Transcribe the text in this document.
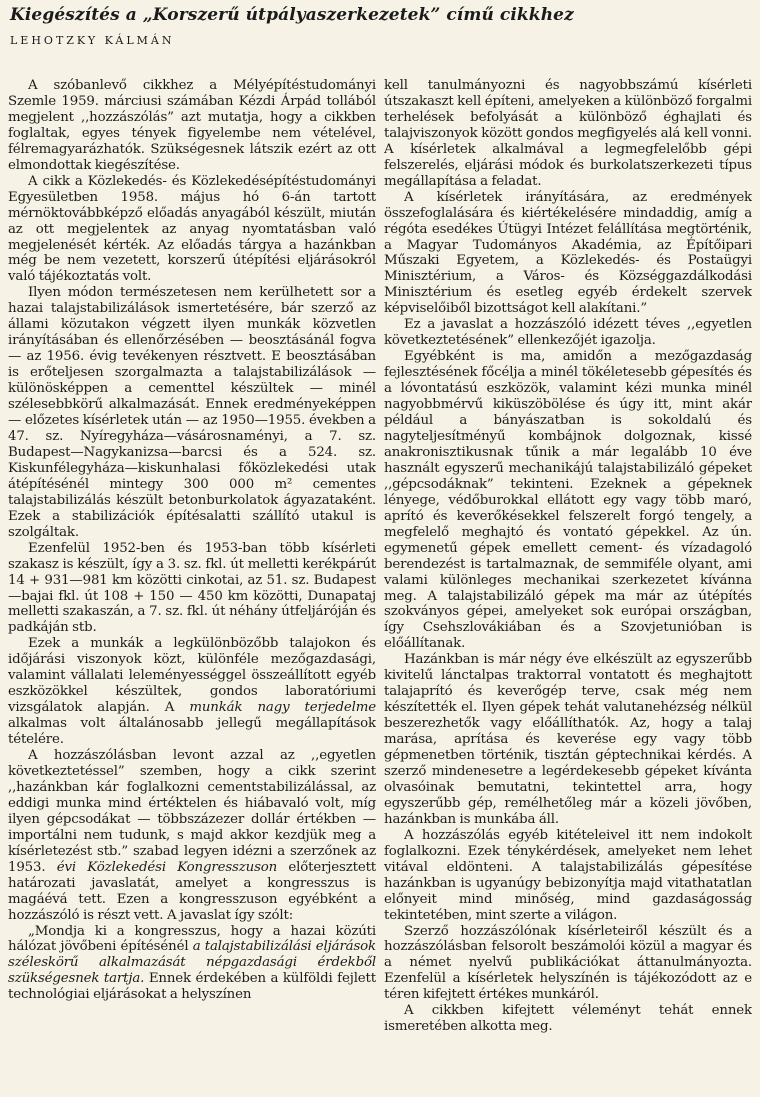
Kiegészítés a „Korszerű útpályaszerkezetek” című cikkhez
LEHOTZKY KÁLMÁN

A szóbanlevő cikkhez a Mélyépítéstudományi Szemle 1959. márciusi számában Kézdi Árpád tollából megjelent ,,hozzászólás” azt mutatja, hogy a cikkben foglaltak, egyes tények figyelembe nem vételével, félremagyarázhatók. Szükségesnek látszik ezért az ott elmondottak kiegészítése.

A cikk a Közlekedés- és Közlekedésépítéstudományi Egyesületben 1958. május hó 6-án tartott mérnöktovábbképző előadás anyagából készült, miután az ott megjelentek az anyag nyomtatásban való megjelenését kérték. Az előadás tárgya a hazánkban még be nem vezetett, korszerű útépítési eljárásokról való tájékoztatás volt.

Ilyen módon természetesen nem kerülhetett sor a hazai talajstabilizálások ismertetésére, bár szerző az állami közutakon végzett ilyen munkák közvetlen irányításában és ellenőrzésében — beosztásánál fogva — az 1956. évig tevékenyen résztvett. E beosztásában is erőteljesen szorgalmazta a talajstabilizálások — különösképpen a cementtel készültek — minél szélesebbkörű alkalmazását. Ennek eredményeképpen — előzetes kísérletek után — az 1950—1955. években a 47. sz. Nyíregyháza—vásárosnaményi, a 7. sz. Budapest—Nagykanizsa—barcsi és a 524. sz. Kiskunfélegyháza—kiskunhalasi főközlekedési utak átépítésénél mintegy 300 000 m² cementes talajstabilizálás készült betonburkolatok ágyazataként. Ezek a stabilizációk építésalatti szállító utakul is szolgáltak.

Ezenfelül 1952-ben és 1953-ban több kísérleti szakasz is készült, így a 3. sz. fkl. út melletti kerékpárút 14 + 931—981 km közötti cinkotai, az 51. sz. Budapest—bajai fkl. út 108 + 150 — 450 km közötti, Dunapataj melletti szakaszán, a 7. sz. fkl. út néhány útfeljáróján és padkáján stb.

Ezek a munkák a legkülönbözőbb talajokon és időjárási viszonyok közt, különféle mezőgazdasági, valamint vállalati leleményességgel összeállított egyéb eszközökkel készültek, gondos laboratóriumi vizsgálatok alapján. A munkák nagy terjedelme alkalmas volt általánosabb jellegű megállapítások tételére.

A hozzászólásban levont azzal az ,,egyetlen következtetéssel” szemben, hogy a cikk szerint ,,hazánkban kár foglalkozni cementstabilizálással, az eddigi munka mind értéktelen és hiábavaló volt, míg ilyen gépcsodákat — többszázezer dollár értékben — importálni nem tudunk, s majd akkor kezdjük meg a kísérletezést stb.” szabad legyen idézni a szerzőnek az 1953. évi Közlekedési Kongresszuson előterjesztett határozati javaslatát, amelyet a kongresszus is magáévá tett. Ezen a kongresszuson egyébként a hozzászóló is részt vett. A javaslat így szólt:

„Mondja ki a kongresszus, hogy a hazai közúti hálózat jövőbeni építésénél a talajstabilizálási eljárások széleskörű alkalmazását népgazdasági érdekből szükségesnek tartja. Ennek érdekében a külföldi fejlett technológiai eljárásokat a helyszínen

kell tanulmányozni és nagyobbszámú kísérleti útszakaszt kell építeni, amelyeken a különböző forgalmi terhelések befolyását a különböző éghajlati és talajviszonyok között gondos megfigyelés alá kell vonni. A kísérletek alkalmával a legmegfelelőbb gépi felszerelés, eljárási módok és burkolatszerkezeti típus megállapítása a feladat.

A kísérletek irányítására, az eredmények összefoglalására és kiértékelésére mindaddig, amíg a régóta esedékes Útügyi Intézet felállítása megtörténik, a Magyar Tudományos Akadémia, az Építőipari Műszaki Egyetem, a Közlekedés- és Postaügyi Minisztérium, a Város- és Községgazdálkodási Minisztérium és esetleg egyéb érdekelt szervek képviselőiből bizottságot kell alakítani.”

Ez a javaslat a hozzászóló idézett téves ,,egyetlen következtetésének” ellenkezőjét igazolja.

Egyébként is ma, amidőn a mezőgazdaság fejlesztésének főcélja a minél tökéletesebb gépesítés és a lóvontatású eszközök, valamint kézi munka minél nagyobbmérvű kiküszöbölése és úgy itt, mint akár például a bányászatban is sokoldalú és nagyteljesítményű kombájnok dolgoznak, kissé anakronisztikusnak tűnik a már legalább 10 éve használt egyszerű mechanikájú talajstabilizáló gépeket ,,gépcsodáknak” tekinteni. Ezeknek a gépeknek lényege, védőburokkal ellátott egy vagy több maró, aprító és keverőkésekkel felszerelt forgó tengely, a megfelelő meghajtó és vontató gépekkel. Az ún. egymenetű gépek emellett cement- és vízadagoló berendezést is tartalmaznak, de semmiféle olyant, ami valami különleges mechanikai szerkezetet kívánna meg. A talajstabilizáló gépek ma már az útépítés szokványos gépei, amelyeket sok európai országban, így Csehszlovákiában és a Szovjetunióban is előállítanak.

Hazánkban is már négy éve elkészült az egyszerűbb kivitelű lánctalpas traktorral vontatott és meghajtott talajaprító és keverőgép terve, csak még nem készítették el. Ilyen gépek tehát valutanehézség nélkül beszerezhetők vagy előállíthatók. Az, hogy a talaj marása, aprítása és keverése egy vagy több gépmenetben történik, tisztán géptechnikai kérdés. A szerző mindenesetre a legérdekesebb gépeket kívánta olvasóinak bemutatni, tekintettel arra, hogy egyszerűbb gép, remélhetőleg már a közeli jövőben, hazánkban is munkába áll.

A hozzászólás egyéb kitételeivel itt nem indokolt foglalkozni. Ezek ténykérdések, amelyeket nem lehet vitával eldönteni. A talajstabilizálás gépesítése hazánkban is ugyanúgy bebizonyítja majd vitathatatlan előnyeit mind minőség, mind gazdaságosság tekintetében, mint szerte a világon.

Szerző hozzászólónak kísérleteiről készült és a hozzászólásban felsorolt beszámolói közül a magyar és a német nyelvű publikációkat áttanulmányozta. Ezenfelül a kísérletek helyszínén is tájékozódott az e téren kifejtett értékes munkáról.

A cikkben kifejtett véleményt tehát ennek ismeretében alkotta meg.
